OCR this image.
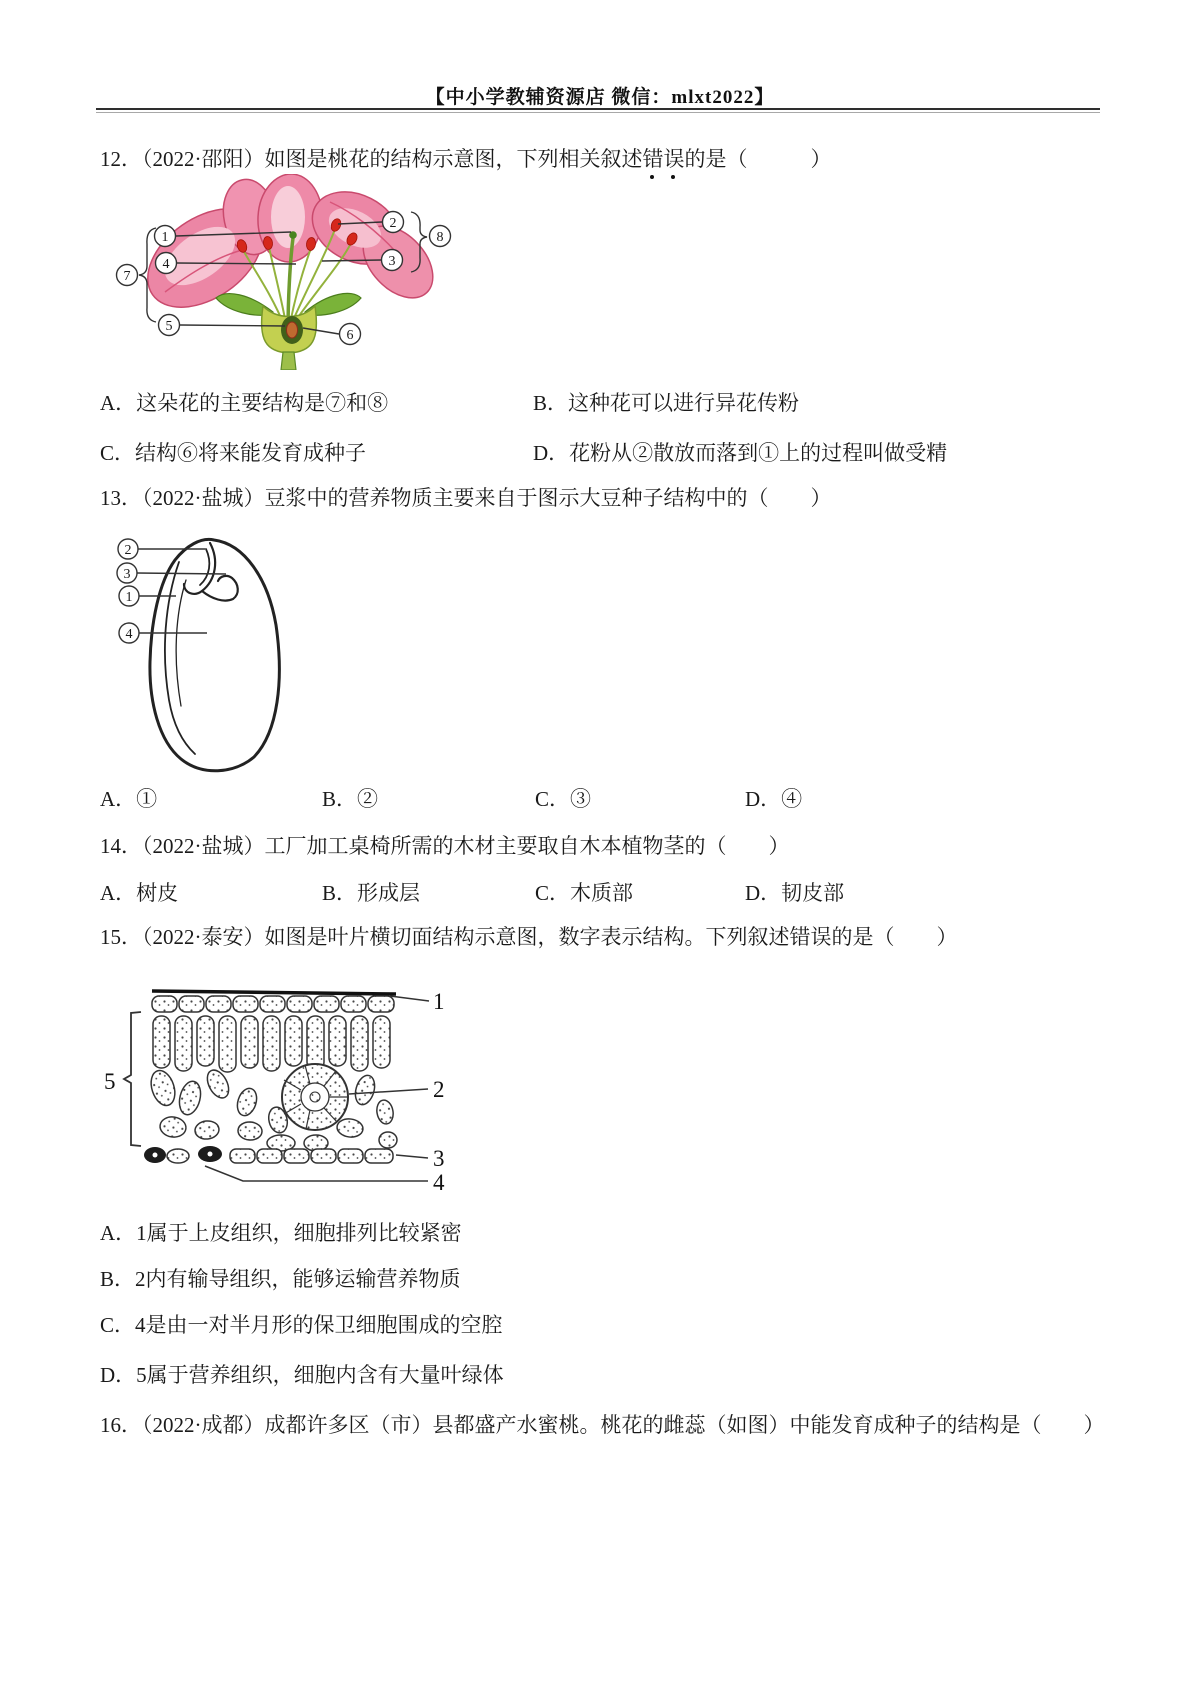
【中小学教辅资源店 微信：mlxt2022】
12．（2022·邵阳）如图是桃花的结构示意图，下列相关叙述错误的是（　　　）
1
4
7
5
2
3
8
6
A．这朵花的主要结构是⑦和⑧	B．这种花可以进行异花传粉
C．结构⑥将来能发育成种子	D．花粉从②散放而落到①上的过程叫做受精
13．（2022·盐城）豆浆中的营养物质主要来自于图示大豆种子结构中的（　　）
2
3
1
4
A．①	B．②	C．③	D．④
14．（2022·盐城）工厂加工桌椅所需的木材主要取自木本植物茎的（　　）
A．树皮	B．形成层	C．木质部	D．韧皮部
15．（2022·泰安）如图是叶片横切面结构示意图，数字表示结构。下列叙述错误的是（　　）
1
2
3
4
5
A．1属于上皮组织，细胞排列比较紧密
B．2内有输导组织，能够运输营养物质
C．4是由一对半月形的保卫细胞围成的空腔
D．5属于营养组织，细胞内含有大量叶绿体
16．（2022·成都）成都许多区（市）县都盛产水蜜桃。桃花的雌蕊（如图）中能发育成种子的结构是（　　）
